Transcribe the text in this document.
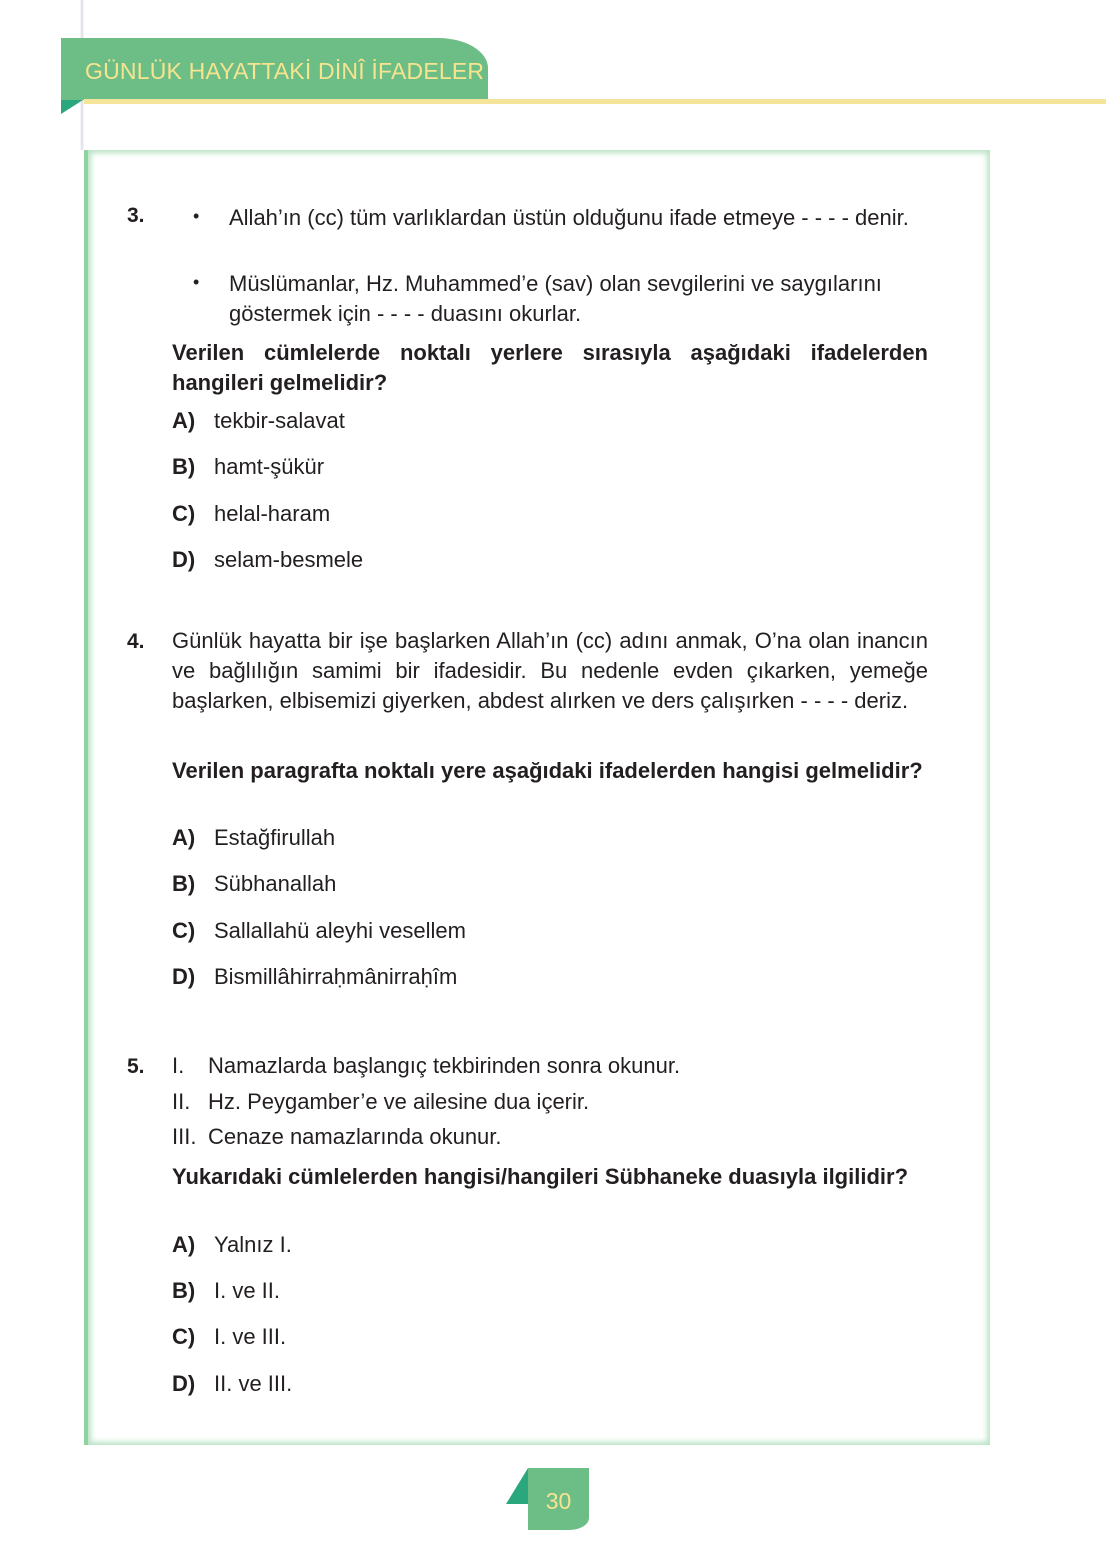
GÜNLÜK HAYATTAKİ DİNÎ İFADELER
3.	• Allah’ın (cc) tüm varlıklardan üstün olduğunu ifade etmeye - - - - denir.
• Müslümanlar, Hz. Muhammed’e (sav) olan sevgilerini ve saygılarını göstermek için - - - - duasını okurlar.
Verilen cümlelerde noktalı yerlere sırasıyla aşağıdaki ifadelerden hangileri gelmelidir?
A) tekbir-salavat
B) hamt-şükür
C) helal-haram
D) selam-besmele
4. Günlük hayatta bir işe başlarken Allah’ın (cc) adını anmak, O’na olan inancın ve bağlılığın samimi bir ifadesidir. Bu nedenle evden çıkarken, yemeğe başlarken, elbisemizi giyerken, abdest alırken ve ders çalışırken - - - - deriz.
Verilen paragrafta noktalı yere aşağıdaki ifadelerden hangisi gelmelidir?
A) Estağfirullah
B) Sübhanallah
C) Sallallahü aleyhi vesellem
D) Bismillâhirraḥmânirraḥîm
5. I. Namazlarda başlangıç tekbirinden sonra okunur.
II. Hz. Peygamber’e ve ailesine dua içerir.
III. Cenaze namazlarında okunur.
Yukarıdaki cümlelerden hangisi/hangileri Sübhaneke duasıyla ilgilidir?
A) Yalnız I.
B) I. ve II.
C) I. ve III.
D) II. ve III.
30
